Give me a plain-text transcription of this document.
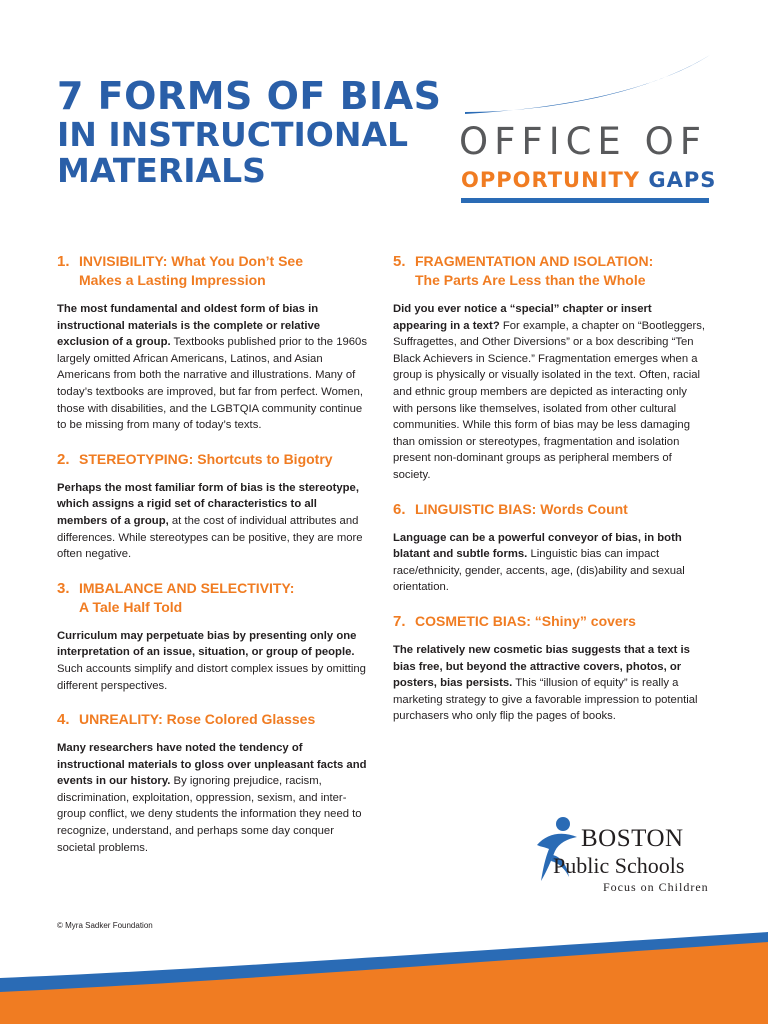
7 FORMS OF BIAS
IN INSTRUCTIONAL
MATERIALS
OFFICE OF
OPPORTUNITY GAPS
1. INVISIBILITY: What You Don’t See
Makes a Lasting Impression

The most fundamental and oldest form of bias in instructional materials is the complete or relative exclusion of a group. Textbooks published prior to the 1960s largely omitted African Americans, Latinos, and Asian Americans from both the narrative and illustrations. Many of today’s textbooks are improved, but far from perfect. Women, those with disabilities, and the LGBTQIA community continue to be missing from many of today’s texts.

2. STEREOTYPING: Shortcuts to Bigotry

Perhaps the most familiar form of bias is the stereotype, which assigns a rigid set of characteristics to all members of a group, at the cost of individual attributes and differences. While stereotypes can be positive, they are more often negative.

3. IMBALANCE AND SELECTIVITY:
A Tale Half Told

Curriculum may perpetuate bias by presenting only one interpretation of an issue, situation, or group of people. Such accounts simplify and distort complex issues by omitting different perspectives.

4. UNREALITY: Rose Colored Glasses

Many researchers have noted the tendency of instructional materials to gloss over unpleasant facts and events in our history. By ignoring prejudice, racism, discrimination, exploitation, oppression, sexism, and inter-group conflict, we deny students the information they need to recognize, understand, and perhaps some day conquer societal problems.

5. FRAGMENTATION AND ISOLATION:
The Parts Are Less than the Whole

Did you ever notice a “special” chapter or insert appearing in a text? For example, a chapter on “Bootleggers, Suffragettes, and Other Diversions” or a box describing “Ten Black Achievers in Science.” Fragmentation emerges when a group is physically or visually isolated in the text. Often, racial and ethnic group members are depicted as interacting only with persons like themselves, isolated from other cultural communities. While this form of bias may be less damaging than omission or stereotypes, fragmentation and isolation present non-dominant groups as peripheral members of society.

6. LINGUISTIC BIAS: Words Count

Language can be a powerful conveyor of bias, in both blatant and subtle forms. Linguistic bias can impact race/ethnicity, gender, accents, age, (dis)ability and sexual orientation.

7. COSMETIC BIAS: “Shiny” covers

The relatively new cosmetic bias suggests that a text is bias free, but beyond the attractive covers, photos, or posters, bias persists. This “illusion of equity” is really a marketing strategy to give a favorable impression to potential purchasers who only flip the pages of books.

BOSTON
Public Schools
Focus on Children
© Myra Sadker Foundation
